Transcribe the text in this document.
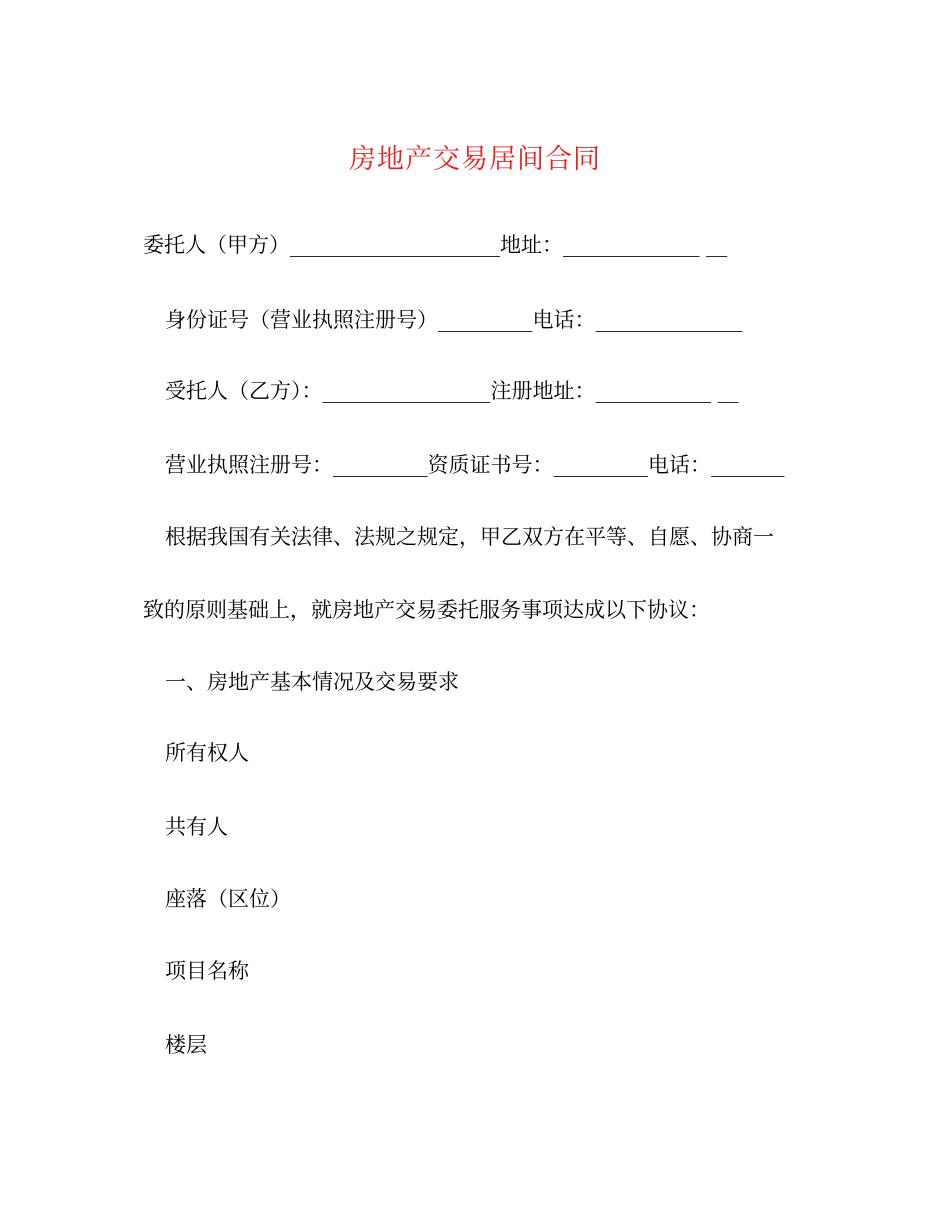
房地产交易居间合同
委托人（甲方）____________________地址：_____________ __
身份证号（营业执照注册号）_________电话：______________
受托人（乙方）：________________注册地址：___________ __
营业执照注册号：_________资质证书号：_________电话：_______
根据我国有关法律、法规之规定，甲乙双方在平等、自愿、协商一
致的原则基础上，就房地产交易委托服务事项达成以下协议：
一、房地产基本情况及交易要求
所有权人
共有人
座落（区位）
项目名称
楼层
